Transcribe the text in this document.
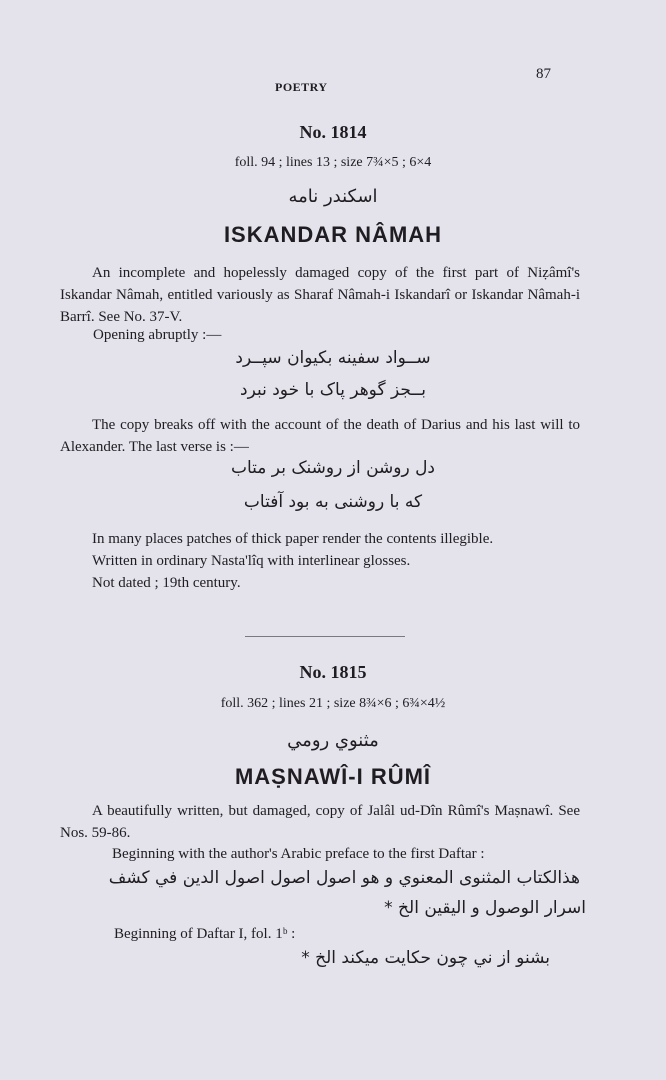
POETRY
87
No. 1814
foll. 94 ; lines 13 ; size 7¾×5 ; 6×4
اسکندر نامه
ISKANDAR NÂMAH

An incomplete and hopelessly damaged copy of the first part of Niẓâmî's Iskandar Nâmah, entitled variously as Sharaf Nâmah-i Iskandarî or Iskandar Nâmah-i Barrî. See No. 37-V.

Opening abruptly :—
ســواد سفینه بکیوان سپــرد
بــجز گوهر پاک با خود نبرد

The copy breaks off with the account of the death of Darius and his last will to Alexander. The last verse is :—

دل روشن از روشنک بر متاب
که با روشنی به بود آفتاب

In many places patches of thick paper render the contents illegible.

Written in ordinary Nasta'lîq with interlinear glosses.

Not dated ; 19th century.

No. 1815
foll. 362 ; lines 21 ; size 8¾×6 ; 6¾×4½
مثنوي رومي
MAṢNAWÎ-I RÛMÎ

A beautifully written, but damaged, copy of Jalâl ud-Dîn Rûmî's Maṣnawî. See Nos. 59-86.

Beginning with the author's Arabic preface to the first Daftar :
هذالکتاب المثنوی المعنوي و هو اصول اصول اصول الدین في کشف
اسرار الوصول و الیقین الخ *
Beginning of Daftar I, fol. 1ᵇ :
بشنو از ني چون حکایت میکند الخ *
